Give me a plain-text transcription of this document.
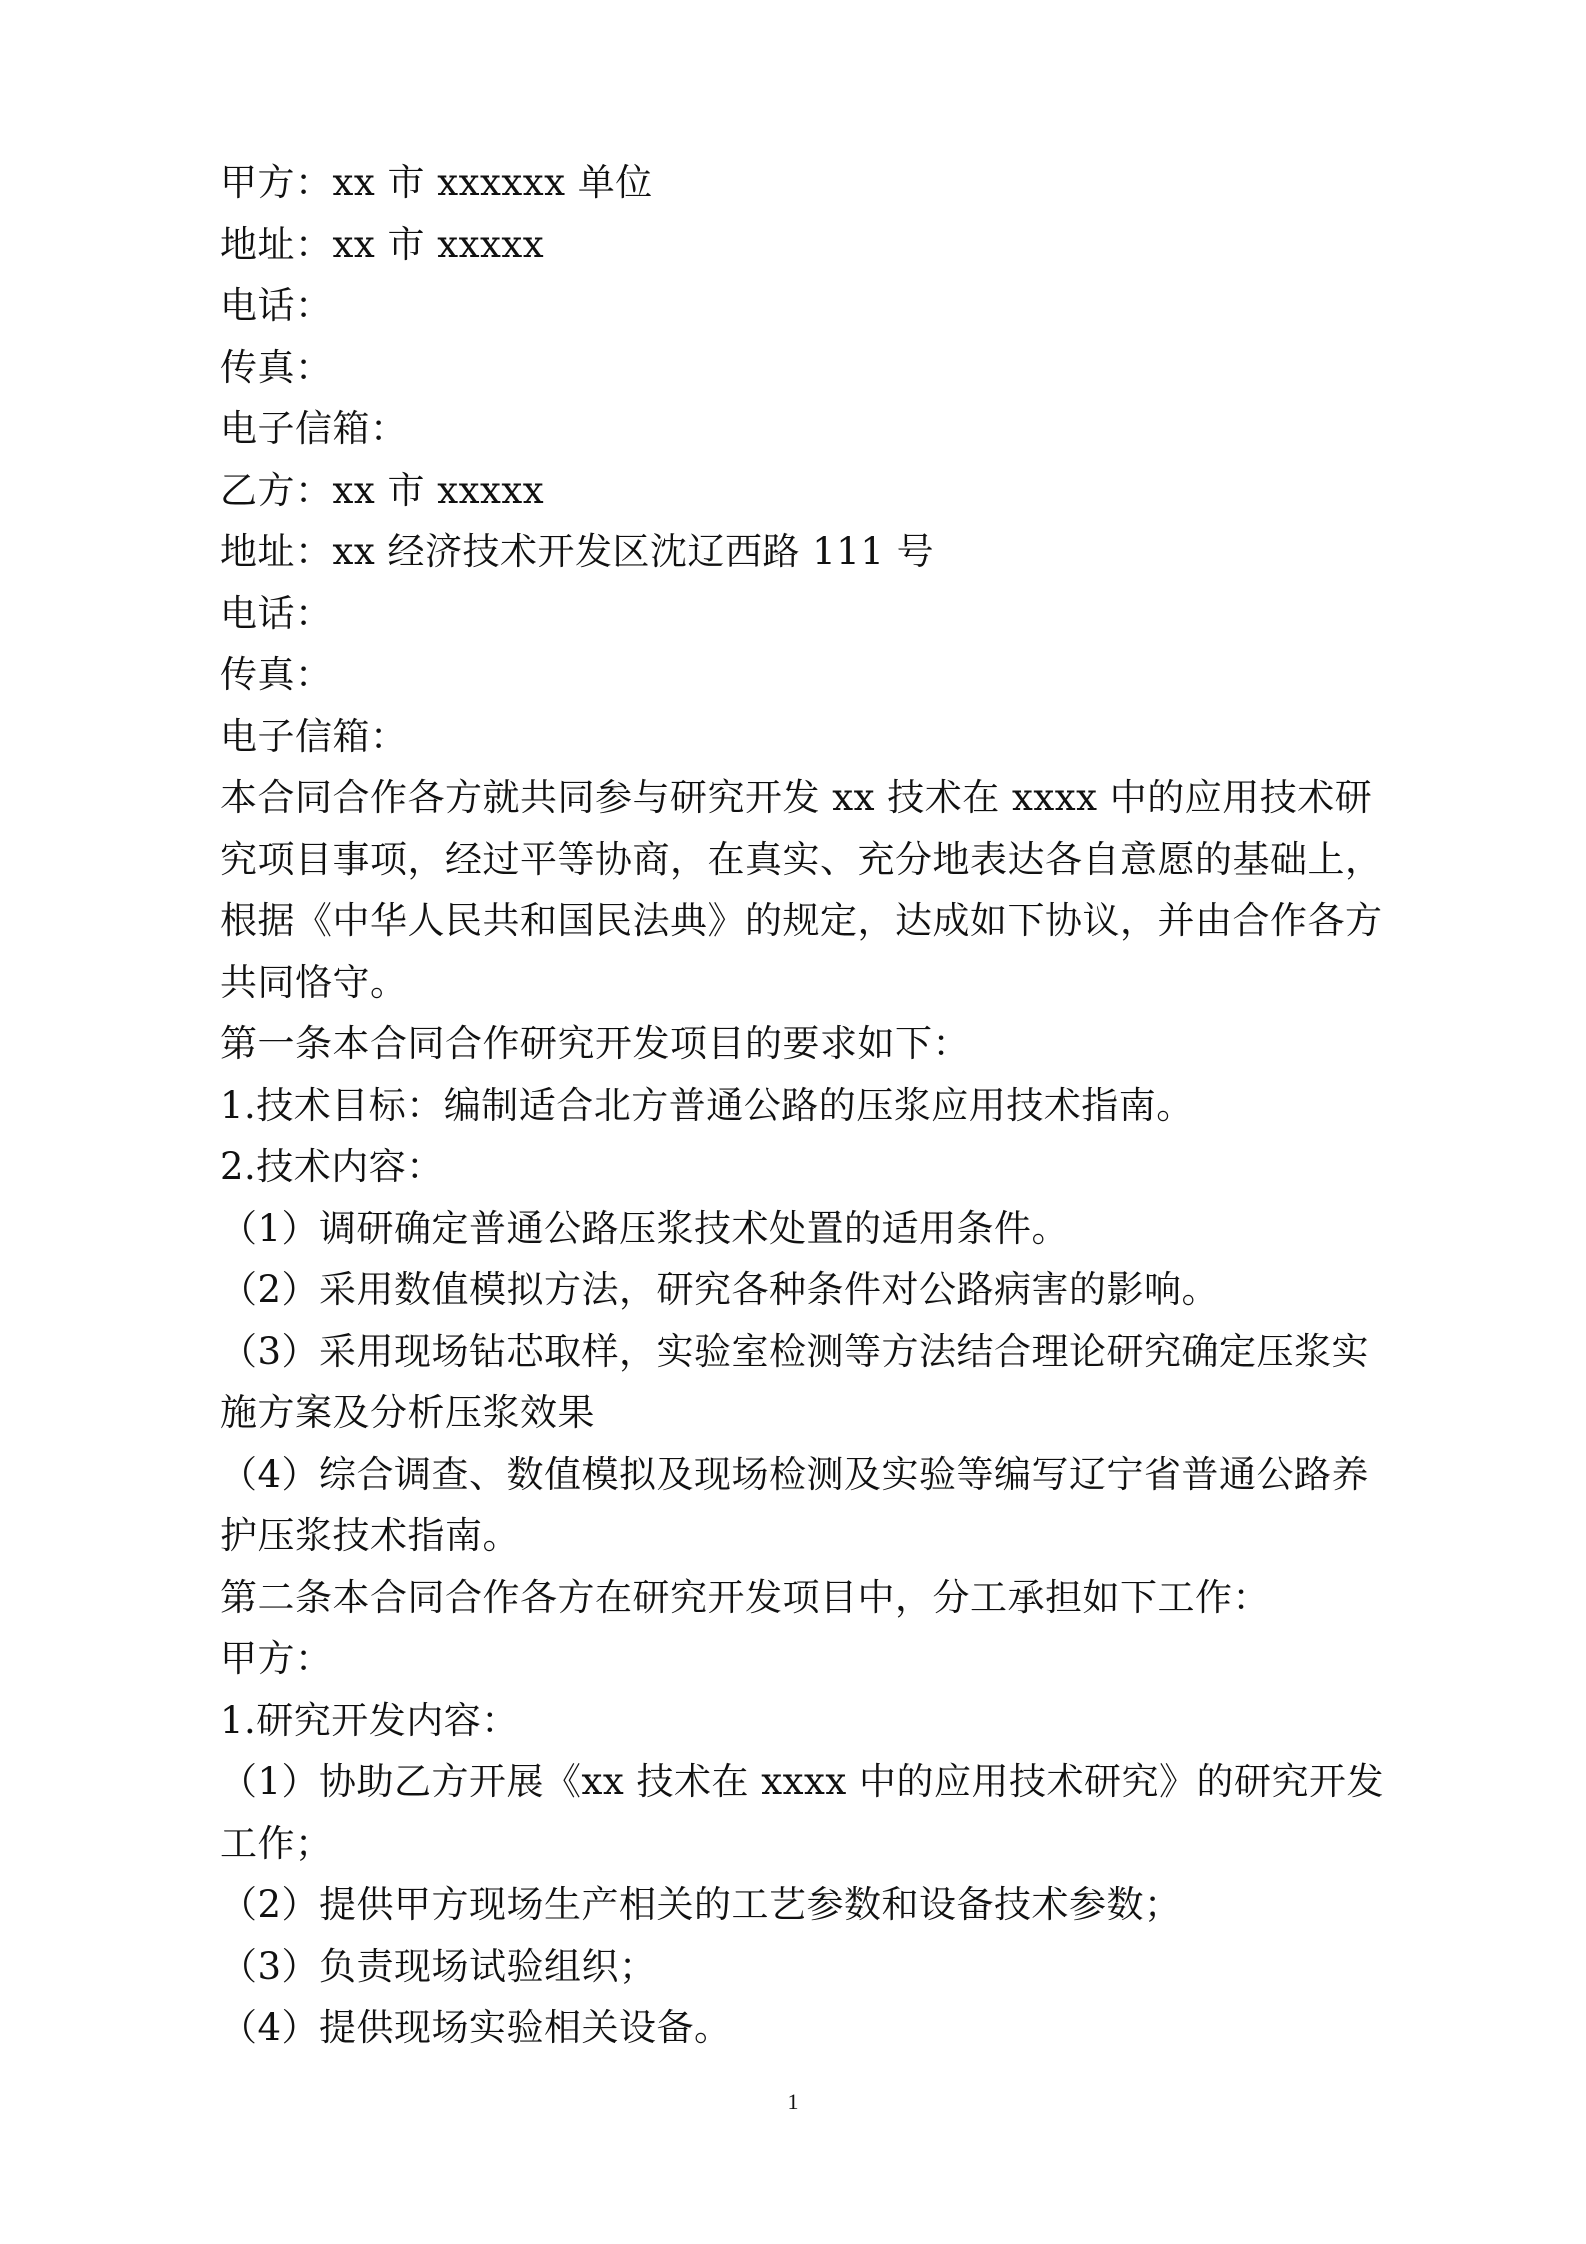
甲方：xx 市 xxxxxx 单位
地址：xx 市 xxxxx
电话：
传真：
电子信箱：
乙方：xx 市 xxxxx
地址：xx 经济技术开发区沈辽西路 111 号
电话：
传真：
电子信箱：
本合同合作各方就共同参与研究开发 xx 技术在 xxxx 中的应用技术研
究项目事项，经过平等协商，在真实、充分地表达各自意愿的基础上，
根据《中华人民共和国民法典》的规定，达成如下协议，并由合作各方
共同恪守。
第一条本合同合作研究开发项目的要求如下：
1.技术目标：编制适合北方普通公路的压浆应用技术指南。
2.技术内容：
（1）调研确定普通公路压浆技术处置的适用条件。
（2）采用数值模拟方法，研究各种条件对公路病害的影响。
（3）采用现场钻芯取样，实验室检测等方法结合理论研究确定压浆实
施方案及分析压浆效果
（4）综合调查、数值模拟及现场检测及实验等编写辽宁省普通公路养
护压浆技术指南。
第二条本合同合作各方在研究开发项目中，分工承担如下工作：
甲方：
1.研究开发内容：
（1）协助乙方开展《xx 技术在 xxxx 中的应用技术研究》的研究开发
工作；
（2）提供甲方现场生产相关的工艺参数和设备技术参数；
（3）负责现场试验组织；
（4）提供现场实验相关设备。
1
